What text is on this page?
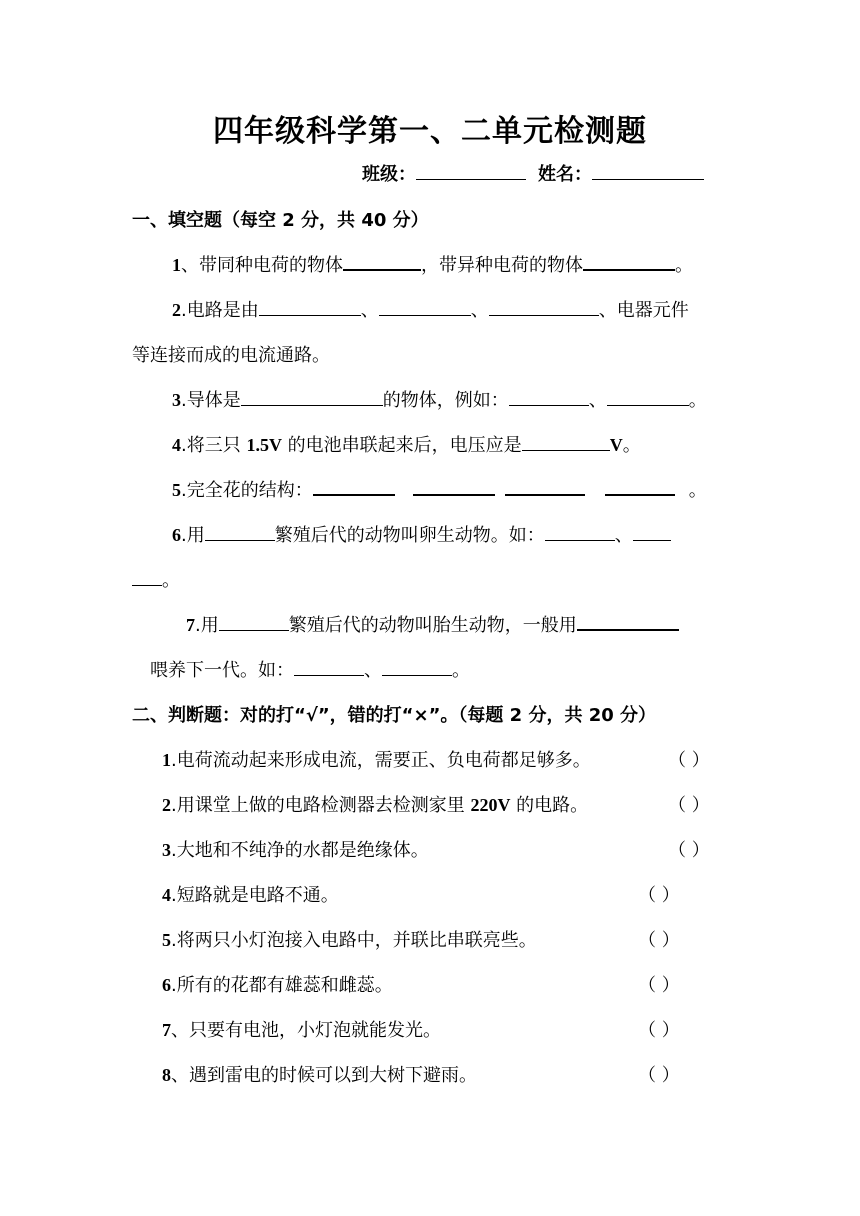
四年级科学第一、二单元检测题
班级：	姓名：
一、填空题（每空 2 分，共 40 分）
1、带同种电荷的物体	，带异种电荷的物体	。
2.电路是由	、	、	、电器元件
等连接而成的电流通路。
3.导体是	的物体，例如：	、	。
4.将三只 1.5V 的电池串联起来后，电压应是	V。
5.完全花的结构：	。
6.用	繁殖后代的动物叫卵生动物。如：	、
。
7.用	繁殖后代的动物叫胎生动物，一般用
喂养下一代。如：	、	。
二、判断题：对的打“√”，错的打“×”。（每题 2 分，共 20 分）
1.电荷流动起来形成电流，需要正、负电荷都足够多。	（ ）
2.用课堂上做的电路检测器去检测家里 220V 的电路。	（ ）
3.大地和不纯净的水都是绝缘体。	（ ）
4.短路就是电路不通。	（ ）
5.将两只小灯泡接入电路中，并联比串联亮些。	（ ）
6.所有的花都有雄蕊和雌蕊。	（ ）
7、只要有电池，小灯泡就能发光。	（ ）
8、遇到雷电的时候可以到大树下避雨。	（ ）
